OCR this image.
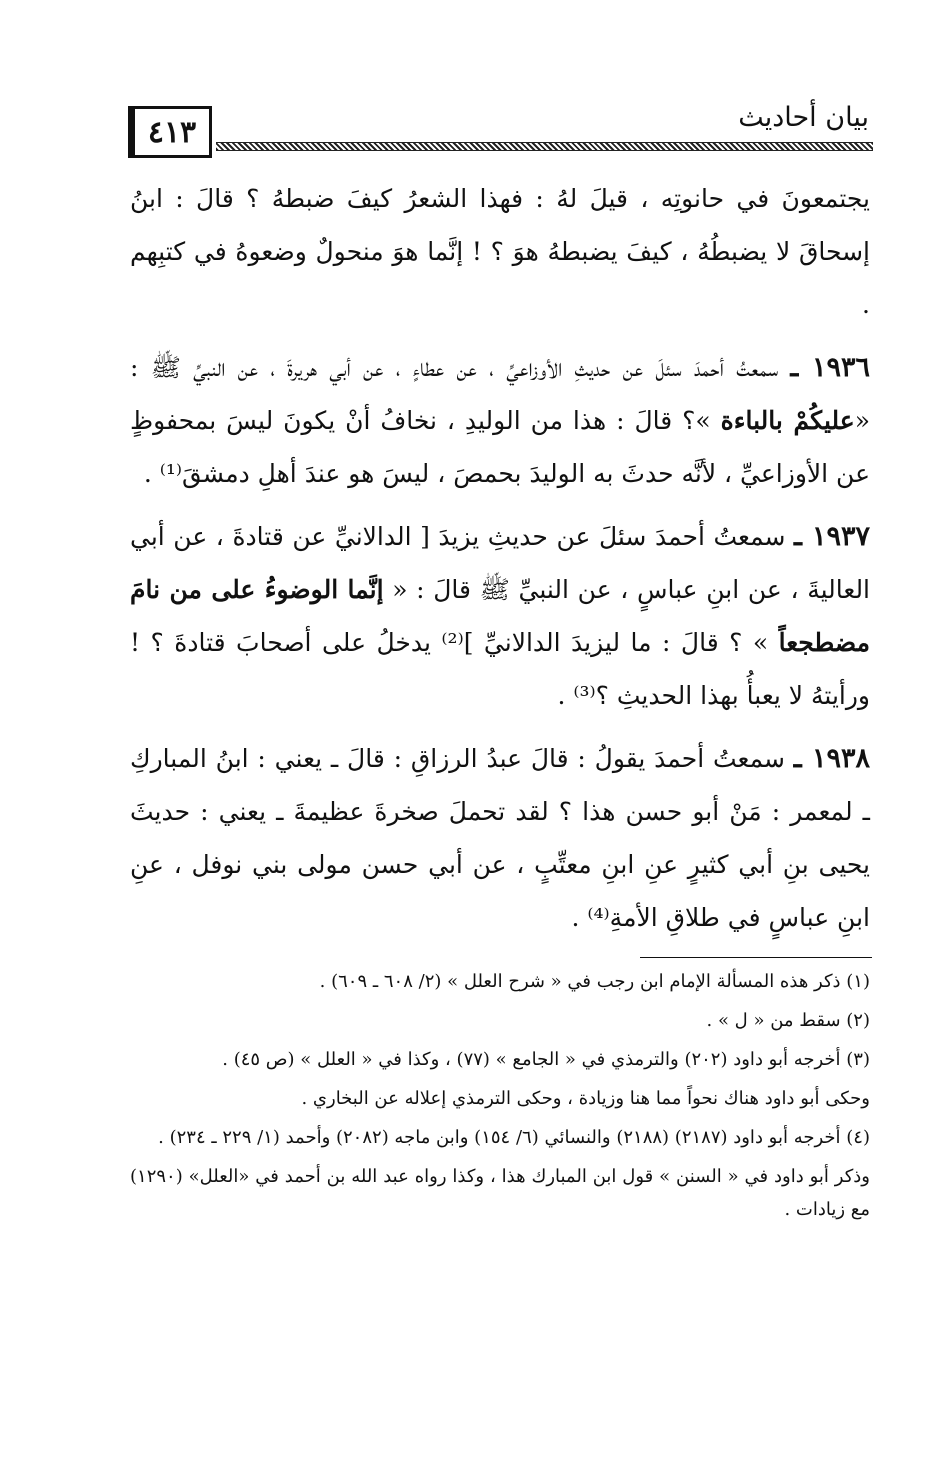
٤١٣	بيان أحاديث

يجتمعونَ في حانوتِه ، قيلَ لهُ : فهذا الشعرُ كيفَ ضبطهُ ؟ قالَ : ابنُ إسحاقَ لا يضبطُهُ ، كيفَ يضبطهُ هوَ ؟ ! إنَّما هوَ منحولٌ وضعوهُ في كتبِهم .

١٩٣٦ ـ سمعتُ أحمدَ سئلَ عن حديثِ الأوزاعيِّ ، عن عطاءٍ ، عن أبي هريرةَ ، عن النبيِّ ﷺ : «عليكُمْ بالباءة »؟ قالَ : هذا من الوليدِ ، نخافُ أنْ يكونَ ليسَ بمحفوظٍ عن الأوزاعيِّ ، لأنَّه حدثَ به الوليدَ بحمصَ ، ليسَ هو عندَ أهلِ دمشقَ⁽¹⁾ .

١٩٣٧ ـ سمعتُ أحمدَ سئلَ عن حديثِ يزيدَ [ الدالانيِّ عن قتادةَ ، عن أبي العاليةَ ، عن ابنِ عباسٍ ، عن النبيِّ ﷺ قالَ : « إنَّما الوضوءُ على من نامَ مضطجعاً » ؟ قالَ : ما ليزيدَ الدالانيِّ ]⁽²⁾ يدخلُ على أصحابَ قتادةَ ؟ ! ورأيتهُ لا يعبأُ بهذا الحديثِ ؟⁽³⁾ .

١٩٣٨ ـ سمعتُ أحمدَ يقولُ : قالَ عبدُ الرزاقِ : قالَ ـ يعني : ابنُ المباركِ ـ لمعمر : مَنْ أبو حسن هذا ؟ لقد تحملَ صخرةَ عظيمةَ ـ يعني : حديثَ يحيى بنِ أبي كثيرٍ عنِ ابنِ معتِّبٍ ، عن أبي حسن مولى بني نوفل ، عنِ ابنِ عباسٍ في طلاقِ الأمةِ⁽⁴⁾ .

(١) ذكر هذه المسألة الإمام ابن رجب في « شرح العلل » (٢/ ٦٠٨ ـ ٦٠٩) .

(٢) سقط من « ل » .

(٣) أخرجه أبو داود (٢٠٢) والترمذي في « الجامع » (٧٧) ، وكذا في « العلل » (ص ٤٥) .

وحكى أبو داود هناك نحواً مما هنا وزيادة ، وحكى الترمذي إعلاله عن البخاري .

(٤) أخرجه أبو داود (٢١٨٧) (٢١٨٨) والنسائي (٦/ ١٥٤) وابن ماجه (٢٠٨٢) وأحمد (١/ ٢٢٩ ـ ٢٣٤) .

وذكر أبو داود في « السنن » قول ابن المبارك هذا ، وكذا رواه عبد الله بن أحمد في «العلل» (١٢٩٠) مع زيادات .
